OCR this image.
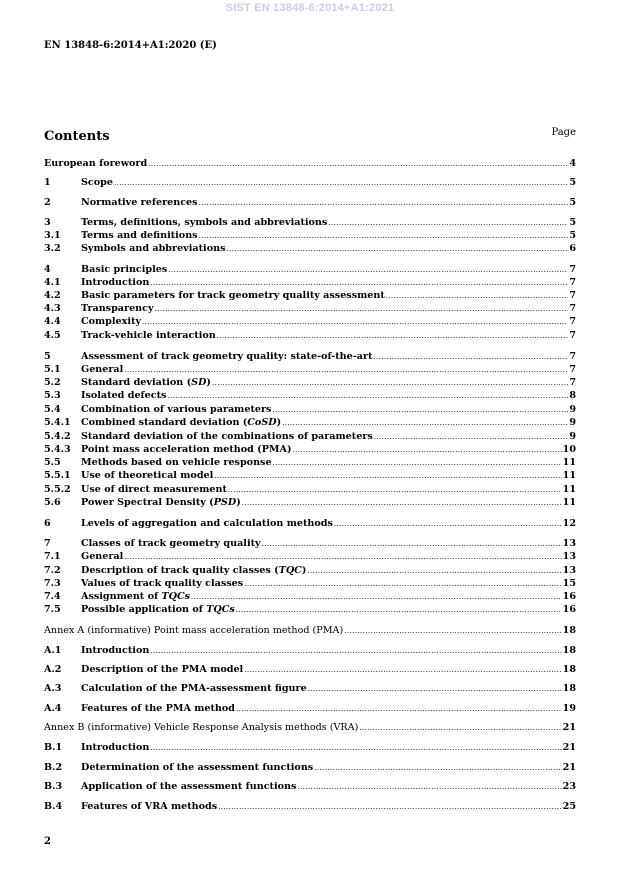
SIST EN 13848-6:2014+A1:2021
EN 13848-6:2014+A1:2020 (E)
Contents	Page
European foreword .....	4
1	Scope .....	5
2	Normative references .....	5
3	Terms, definitions, symbols and abbreviations .....	5
3.1	Terms and definitions .....	5
3.2	Symbols and abbreviations .....	6
4	Basic principles .....	7
4.1	Introduction .....	7
4.2	Basic parameters for track geometry quality assessment .....	7
4.3	Transparency .....	7
4.4	Complexity .....	7
4.5	Track-vehicle interaction .....	7
5	Assessment of track geometry quality: state-of-the-art .....	7
5.1	General .....	7
5.2	Standard deviation (SD) .....	7
5.3	Isolated defects .....	8
5.4	Combination of various parameters .....	9
5.4.1	Combined standard deviation (CoSD) .....	9
5.4.2	Standard deviation of the combinations of parameters .....	9
5.4.3	Point mass acceleration method (PMA) .....	10
5.5	Methods based on vehicle response .....	11
5.5.1	Use of theoretical model .....	11
5.5.2	Use of direct measurement .....	11
5.6	Power Spectral Density (PSD) .....	11
6	Levels of aggregation and calculation methods .....	12
7	Classes of track geometry quality .....	13
7.1	General .....	13
7.2	Description of track quality classes (TQC) .....	13
7.3	Values of track quality classes .....	15
7.4	Assignment of TQCs .....	16
7.5	Possible application of TQCs .....	16
Annex A (informative) Point mass acceleration method (PMA) .....	18
A.1	Introduction .....	18
A.2	Description of the PMA model .....	18
A.3	Calculation of the PMA-assessment figure .....	18
A.4	Features of the PMA method .....	19
Annex B (informative) Vehicle Response Analysis methods (VRA) .....	21
B.1	Introduction .....	21
B.2	Determination of the assessment functions .....	21
B.3	Application of the assessment functions .....	23
B.4	Features of VRA methods .....	25
2
